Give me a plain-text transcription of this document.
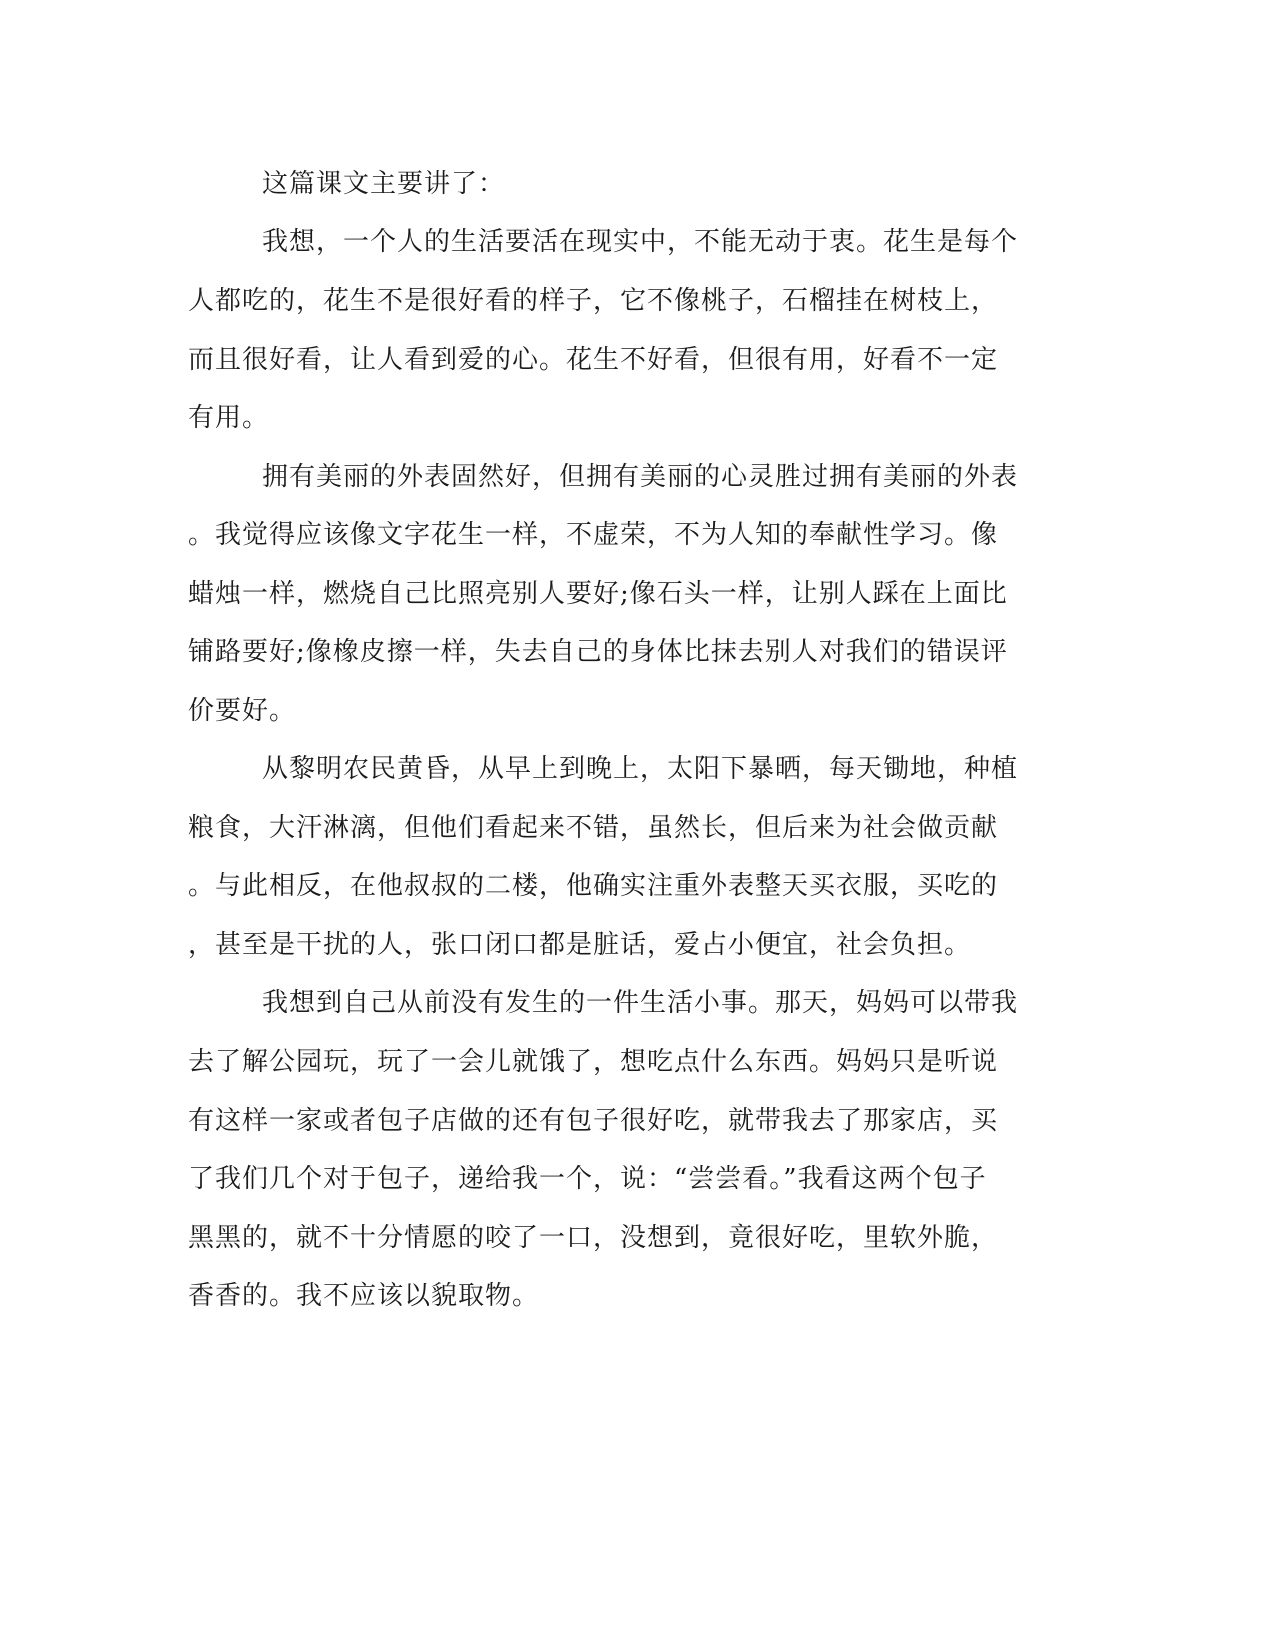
这篇课文主要讲了：
我想，一个人的生活要活在现实中，不能无动于衷。花生是每个
人都吃的，花生不是很好看的样子，它不像桃子，石榴挂在树枝上，
而且很好看，让人看到爱的心。花生不好看，但很有用，好看不一定
有用。
拥有美丽的外表固然好，但拥有美丽的心灵胜过拥有美丽的外表
。我觉得应该像文字花生一样，不虚荣，不为人知的奉献性学习。像
蜡烛一样，燃烧自己比照亮别人要好;像石头一样，让别人踩在上面比
铺路要好;像橡皮擦一样，失去自己的身体比抹去别人对我们的错误评
价要好。
从黎明农民黄昏，从早上到晚上，太阳下暴晒，每天锄地，种植
粮食，大汗淋漓，但他们看起来不错，虽然长，但后来为社会做贡献
。与此相反，在他叔叔的二楼，他确实注重外表整天买衣服，买吃的
，甚至是干扰的人，张口闭口都是脏话，爱占小便宜，社会负担。
我想到自己从前没有发生的一件生活小事。那天，妈妈可以带我
去了解公园玩，玩了一会儿就饿了，想吃点什么东西。妈妈只是听说
有这样一家或者包子店做的还有包子很好吃，就带我去了那家店，买
了我们几个对于包子，递给我一个，说：“尝尝看。”我看这两个包子
黑黑的，就不十分情愿的咬了一口，没想到，竟很好吃，里软外脆，
香香的。我不应该以貌取物。
